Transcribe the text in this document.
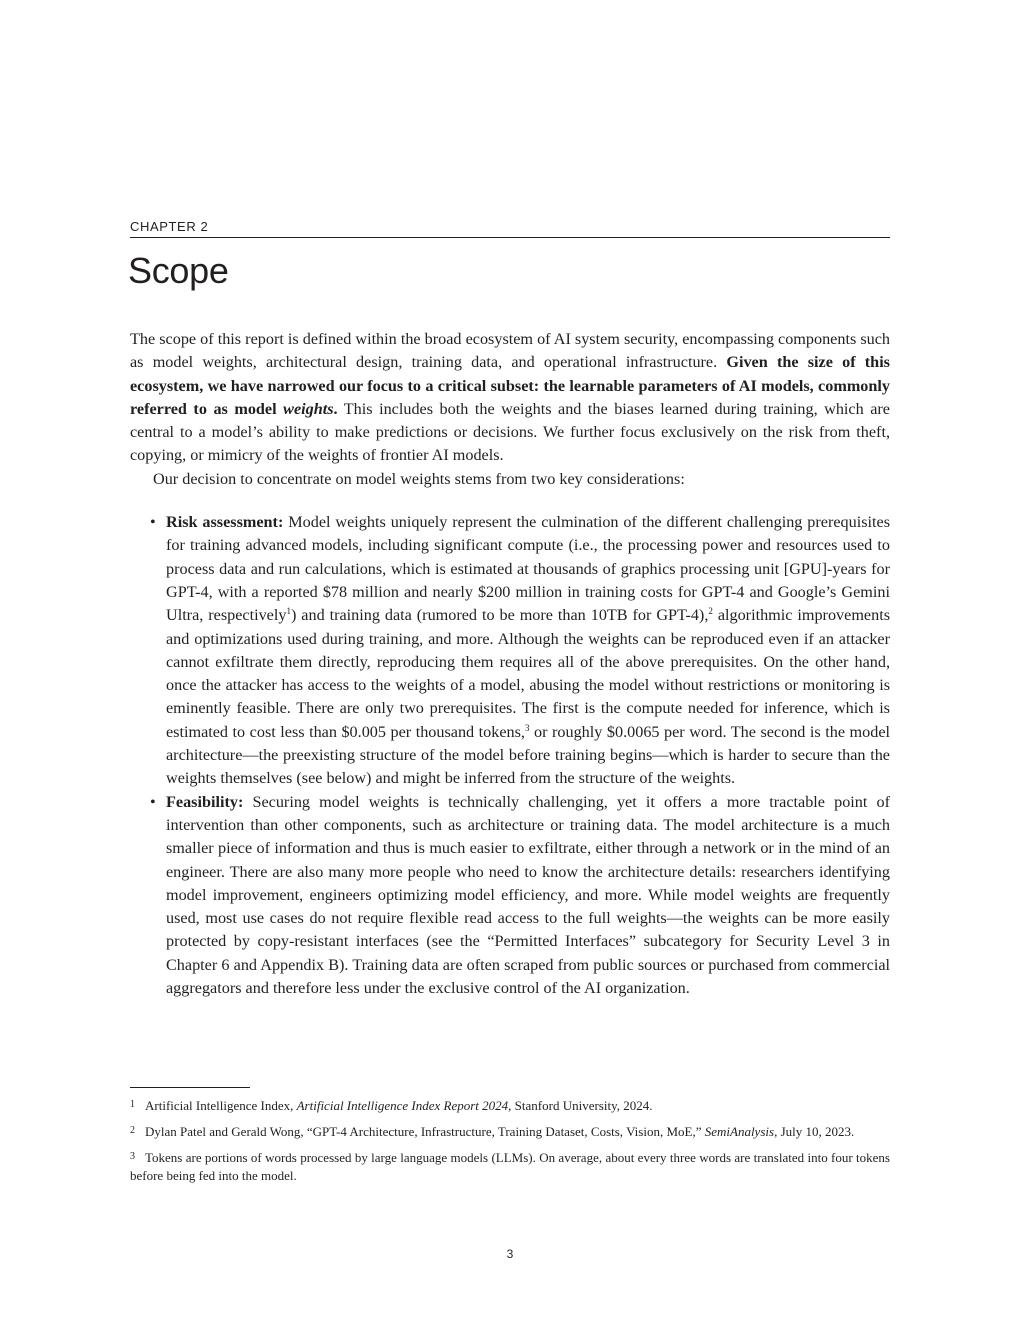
CHAPTER 2
Scope

The scope of this report is defined within the broad ecosystem of AI system security, encompassing components such as model weights, architectural design, training data, and operational infrastructure. Given the size of this ecosystem, we have narrowed our focus to a critical subset: the learnable parameters of AI models, commonly referred to as model weights. This includes both the weights and the biases learned during training, which are central to a model’s ability to make predictions or decisions. We further focus exclusively on the risk from theft, copying, or mimicry of the weights of frontier AI models.

Our decision to concentrate on model weights stems from two key considerations:

• Risk assessment: Model weights uniquely represent the culmination of the different challenging prerequisites for training advanced models, including significant compute (i.e., the processing power and resources used to process data and run calculations, which is estimated at thousands of graphics processing unit [GPU]-years for GPT-4, with a reported $78 million and nearly $200 million in training costs for GPT-4 and Google’s Gemini Ultra, respectively$^1$) and training data (rumored to be more than 10TB for GPT-4),$^2$ algorithmic improvements and optimizations used during training, and more. Although the weights can be reproduced even if an attacker cannot exfiltrate them directly, reproducing them requires all of the above prerequisites. On the other hand, once the attacker has access to the weights of a model, abusing the model without restrictions or monitoring is eminently feasible. There are only two prerequisites. The first is the compute needed for inference, which is estimated to cost less than $0.005 per thousand tokens,$^3$ or roughly $0.0065 per word. The second is the model architecture—the preexisting structure of the model before training begins—which is harder to secure than the weights themselves (see below) and might be inferred from the structure of the weights.
• Feasibility: Securing model weights is technically challenging, yet it offers a more tractable point of intervention than other components, such as architecture or training data. The model architecture is a much smaller piece of information and thus is much easier to exfiltrate, either through a network or in the mind of an engineer. There are also many more people who need to know the architecture details: researchers identifying model improvement, engineers optimizing model efficiency, and more. While model weights are frequently used, most use cases do not require flexible read access to the full weights—the weights can be more easily protected by copy-resistant interfaces (see the “Permitted Interfaces” subcategory for Security Level 3 in Chapter 6 and Appendix B). Training data are often scraped from public sources or purchased from commercial aggregators and therefore less under the exclusive control of the AI organization.

$^1$ Artificial Intelligence Index, Artificial Intelligence Index Report 2024, Stanford University, 2024.

$^2$ Dylan Patel and Gerald Wong, “GPT-4 Architecture, Infrastructure, Training Dataset, Costs, Vision, MoE,” SemiAnalysis, July 10, 2023.

$^3$ Tokens are portions of words processed by large language models (LLMs). On average, about every three words are translated into four tokens before being fed into the model.

3
